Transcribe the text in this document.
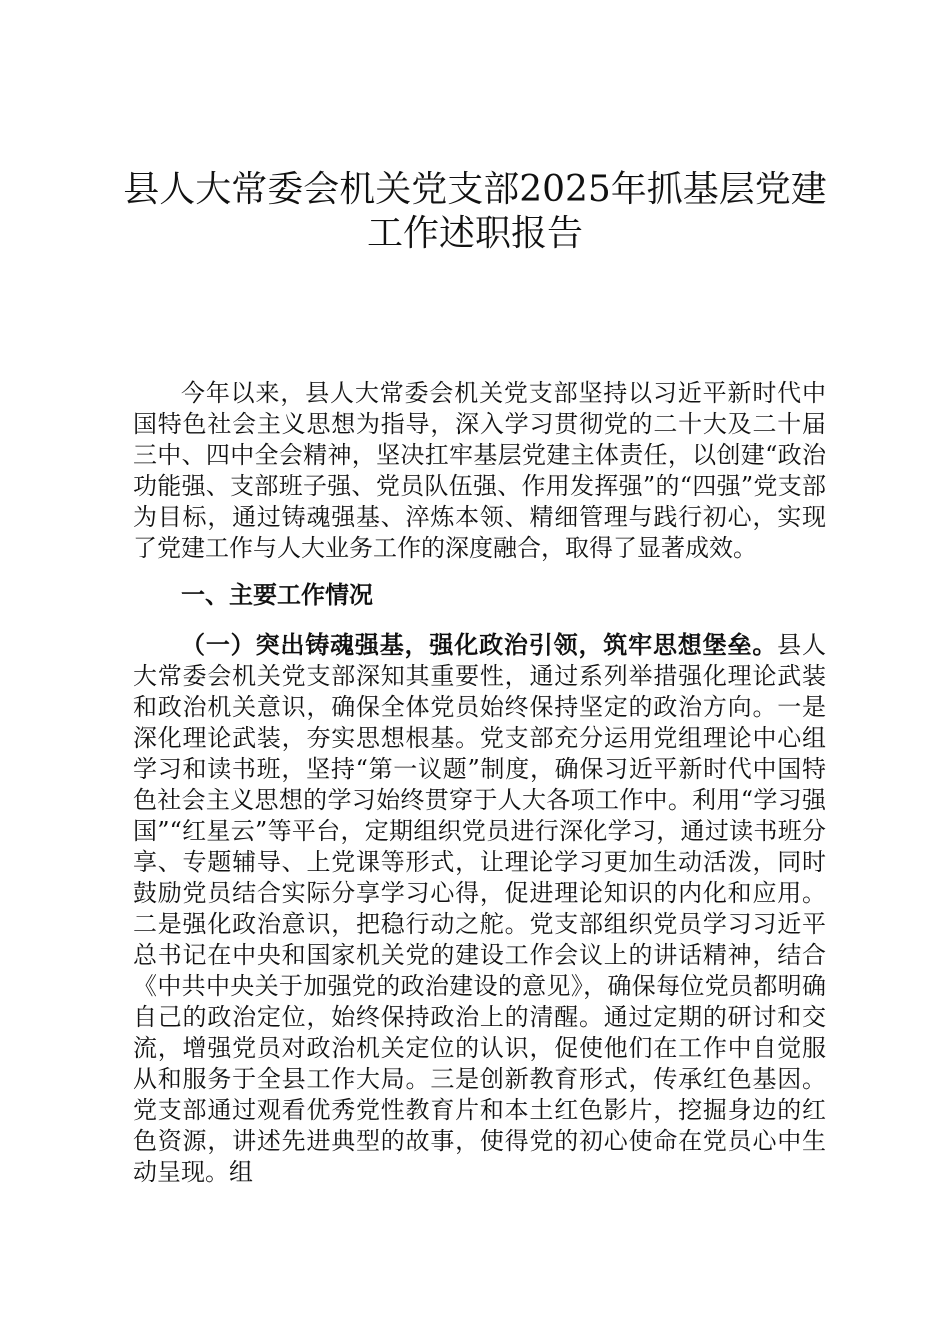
县人大常委会机关党支部2025年抓基层党建
工作述职报告

今年以来，县人大常委会机关党支部坚持以习近平新时代中国特色社会主义思想为指导，深入学习贯彻党的二十大及二十届三中、四中全会精神，坚决扛牢基层党建主体责任，以创建“政治功能强、支部班子强、党员队伍强、作用发挥强”的“四强”党支部为目标，通过铸魂强基、淬炼本领、精细管理与践行初心，实现了党建工作与人大业务工作的深度融合，取得了显著成效。

一、主要工作情况

（一）突出铸魂强基，强化政治引领，筑牢思想堡垒。县人大常委会机关党支部深知其重要性，通过系列举措强化理论武装和政治机关意识，确保全体党员始终保持坚定的政治方向。一是深化理论武装，夯实思想根基。党支部充分运用党组理论中心组学习和读书班，坚持“第一议题”制度，确保习近平新时代中国特色社会主义思想的学习始终贯穿于人大各项工作中。利用“学习强国”“红星云”等平台，定期组织党员进行深化学习，通过读书班分享、专题辅导、上党课等形式，让理论学习更加生动活泼，同时鼓励党员结合实际分享学习心得，促进理论知识的内化和应用。二是强化政治意识，把稳行动之舵。党支部组织党员学习习近平总书记在中央和国家机关党的建设工作会议上的讲话精神，结合《中共中央关于加强党的政治建设的意见》，确保每位党员都明确自己的政治定位，始终保持政治上的清醒。通过定期的研讨和交流，增强党员对政治机关定位的认识，促使他们在工作中自觉服从和服务于全县工作大局。三是创新教育形式，传承红色基因。党支部通过观看优秀党性教育片和本土红色影片，挖掘身边的红色资源，讲述先进典型的故事，使得党的初心使命在党员心中生动呈现。组
